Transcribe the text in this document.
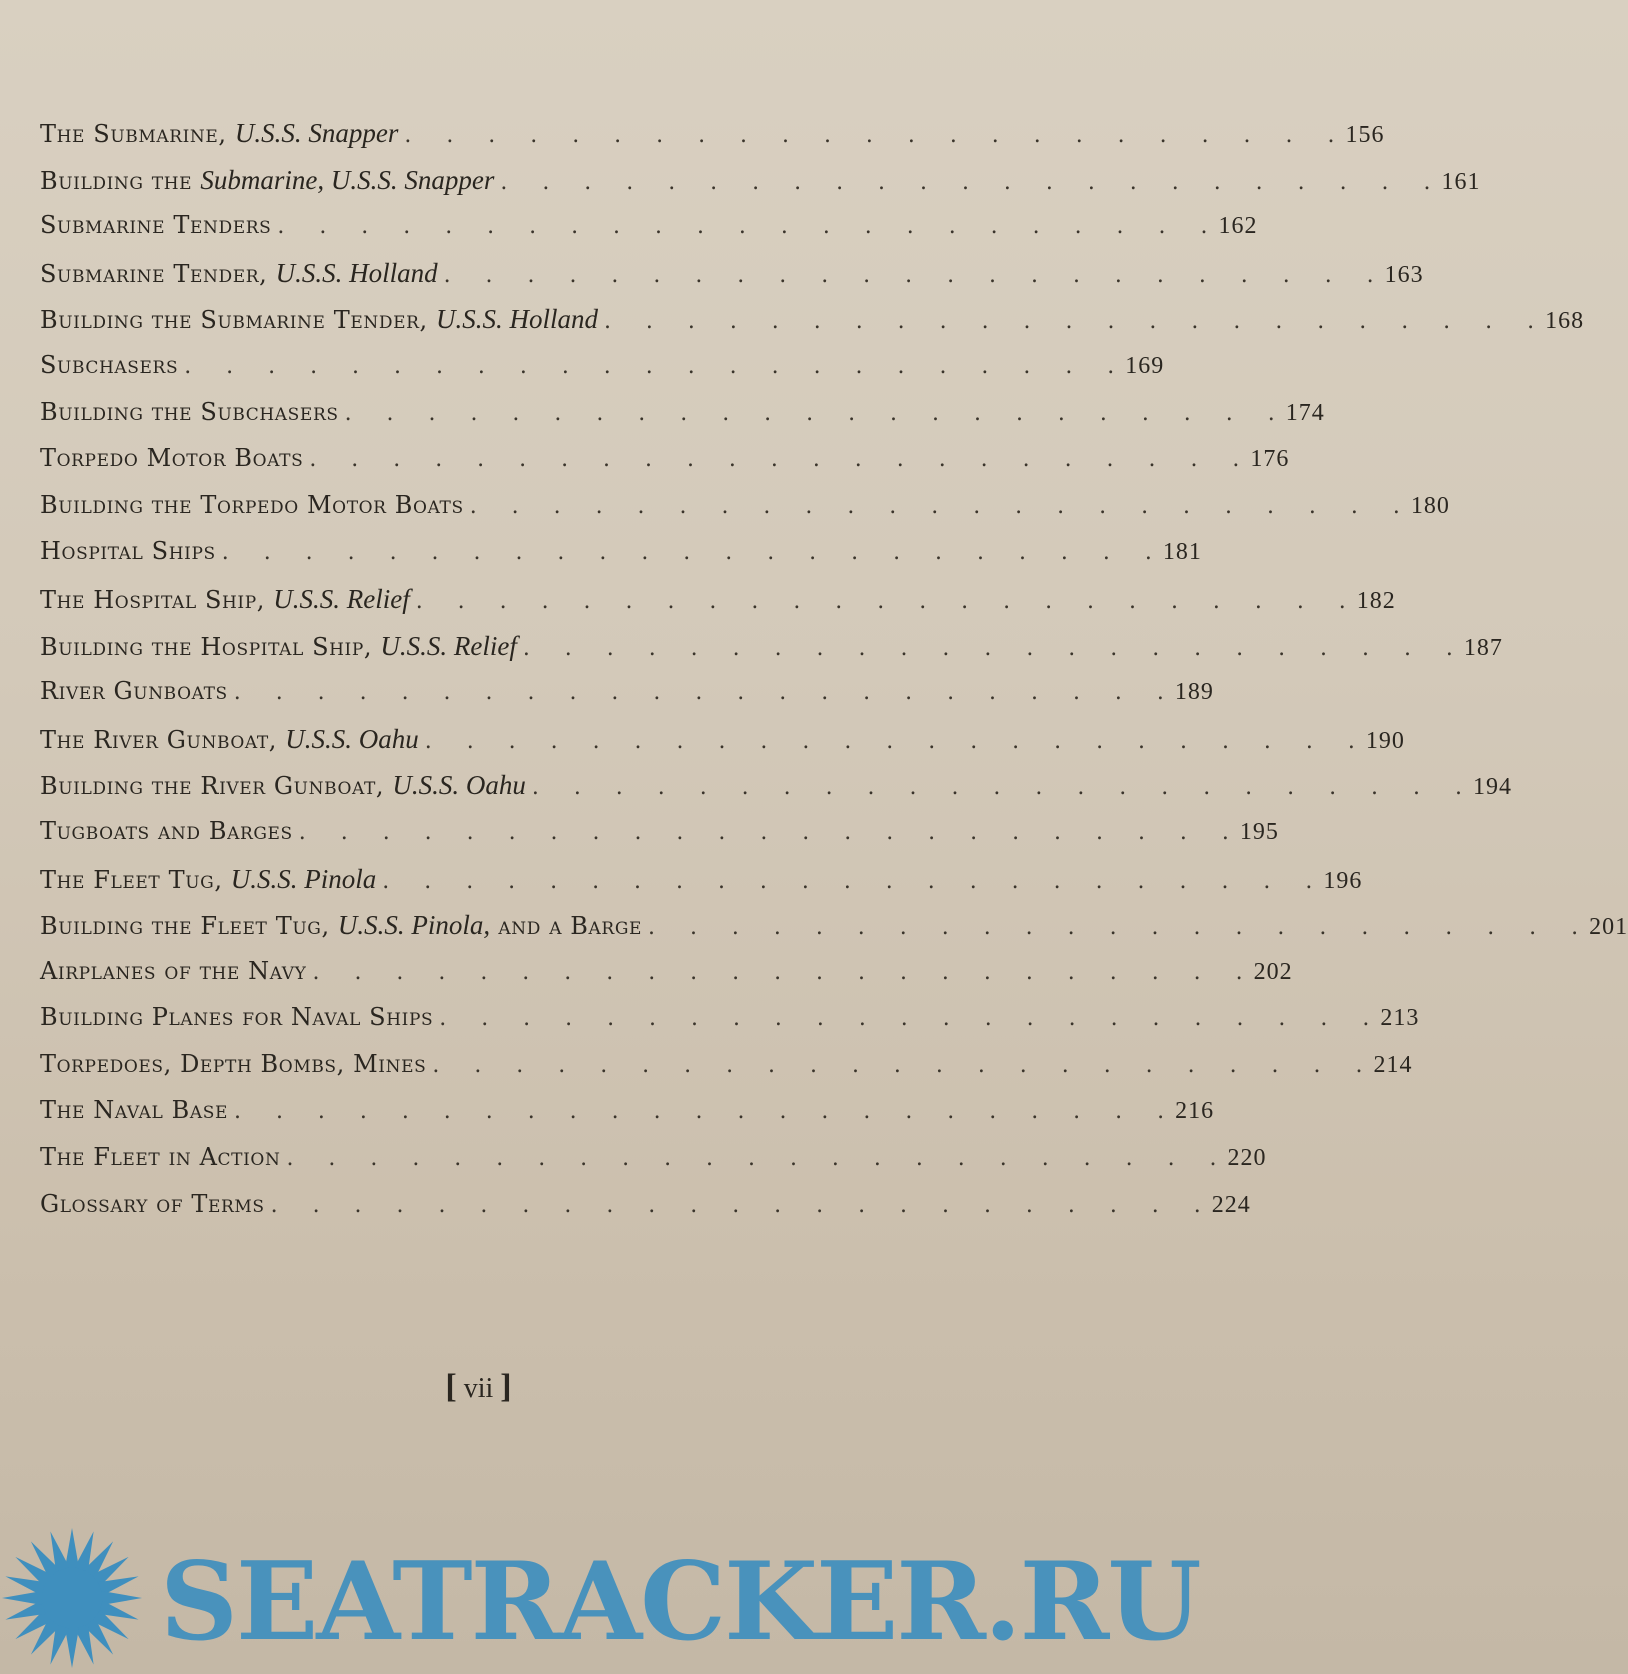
The Submarine, U.S.S. Snapper .	156
Building the Submarine, U.S.S. Snapper .	161
Submarine Tenders .	162
Submarine Tender, U.S.S. Holland .	163
Building the Submarine Tender, U.S.S. Holland .	168
Subchasers .	169
Building the Subchasers .	174
Torpedo Motor Boats .	176
Building the Torpedo Motor Boats .	180
Hospital Ships .	181
The Hospital Ship, U.S.S. Relief .	182
Building the Hospital Ship, U.S.S. Relief .	187
River Gunboats .	189
The River Gunboat, U.S.S. Oahu .	190
Building the River Gunboat, U.S.S. Oahu .	194
Tugboats and Barges .	195
The Fleet Tug, U.S.S. Pinola .	196
Building the Fleet Tug, U.S.S. Pinola, and a Barge .	201
Airplanes of the Navy .	202
Building Planes for Naval Ships .	213
Torpedoes, Depth Bombs, Mines .	214
The Naval Base .	216
The Fleet in Action .	220
Glossary of Terms .	224
[ vii ]
SEATRACKER.RU
